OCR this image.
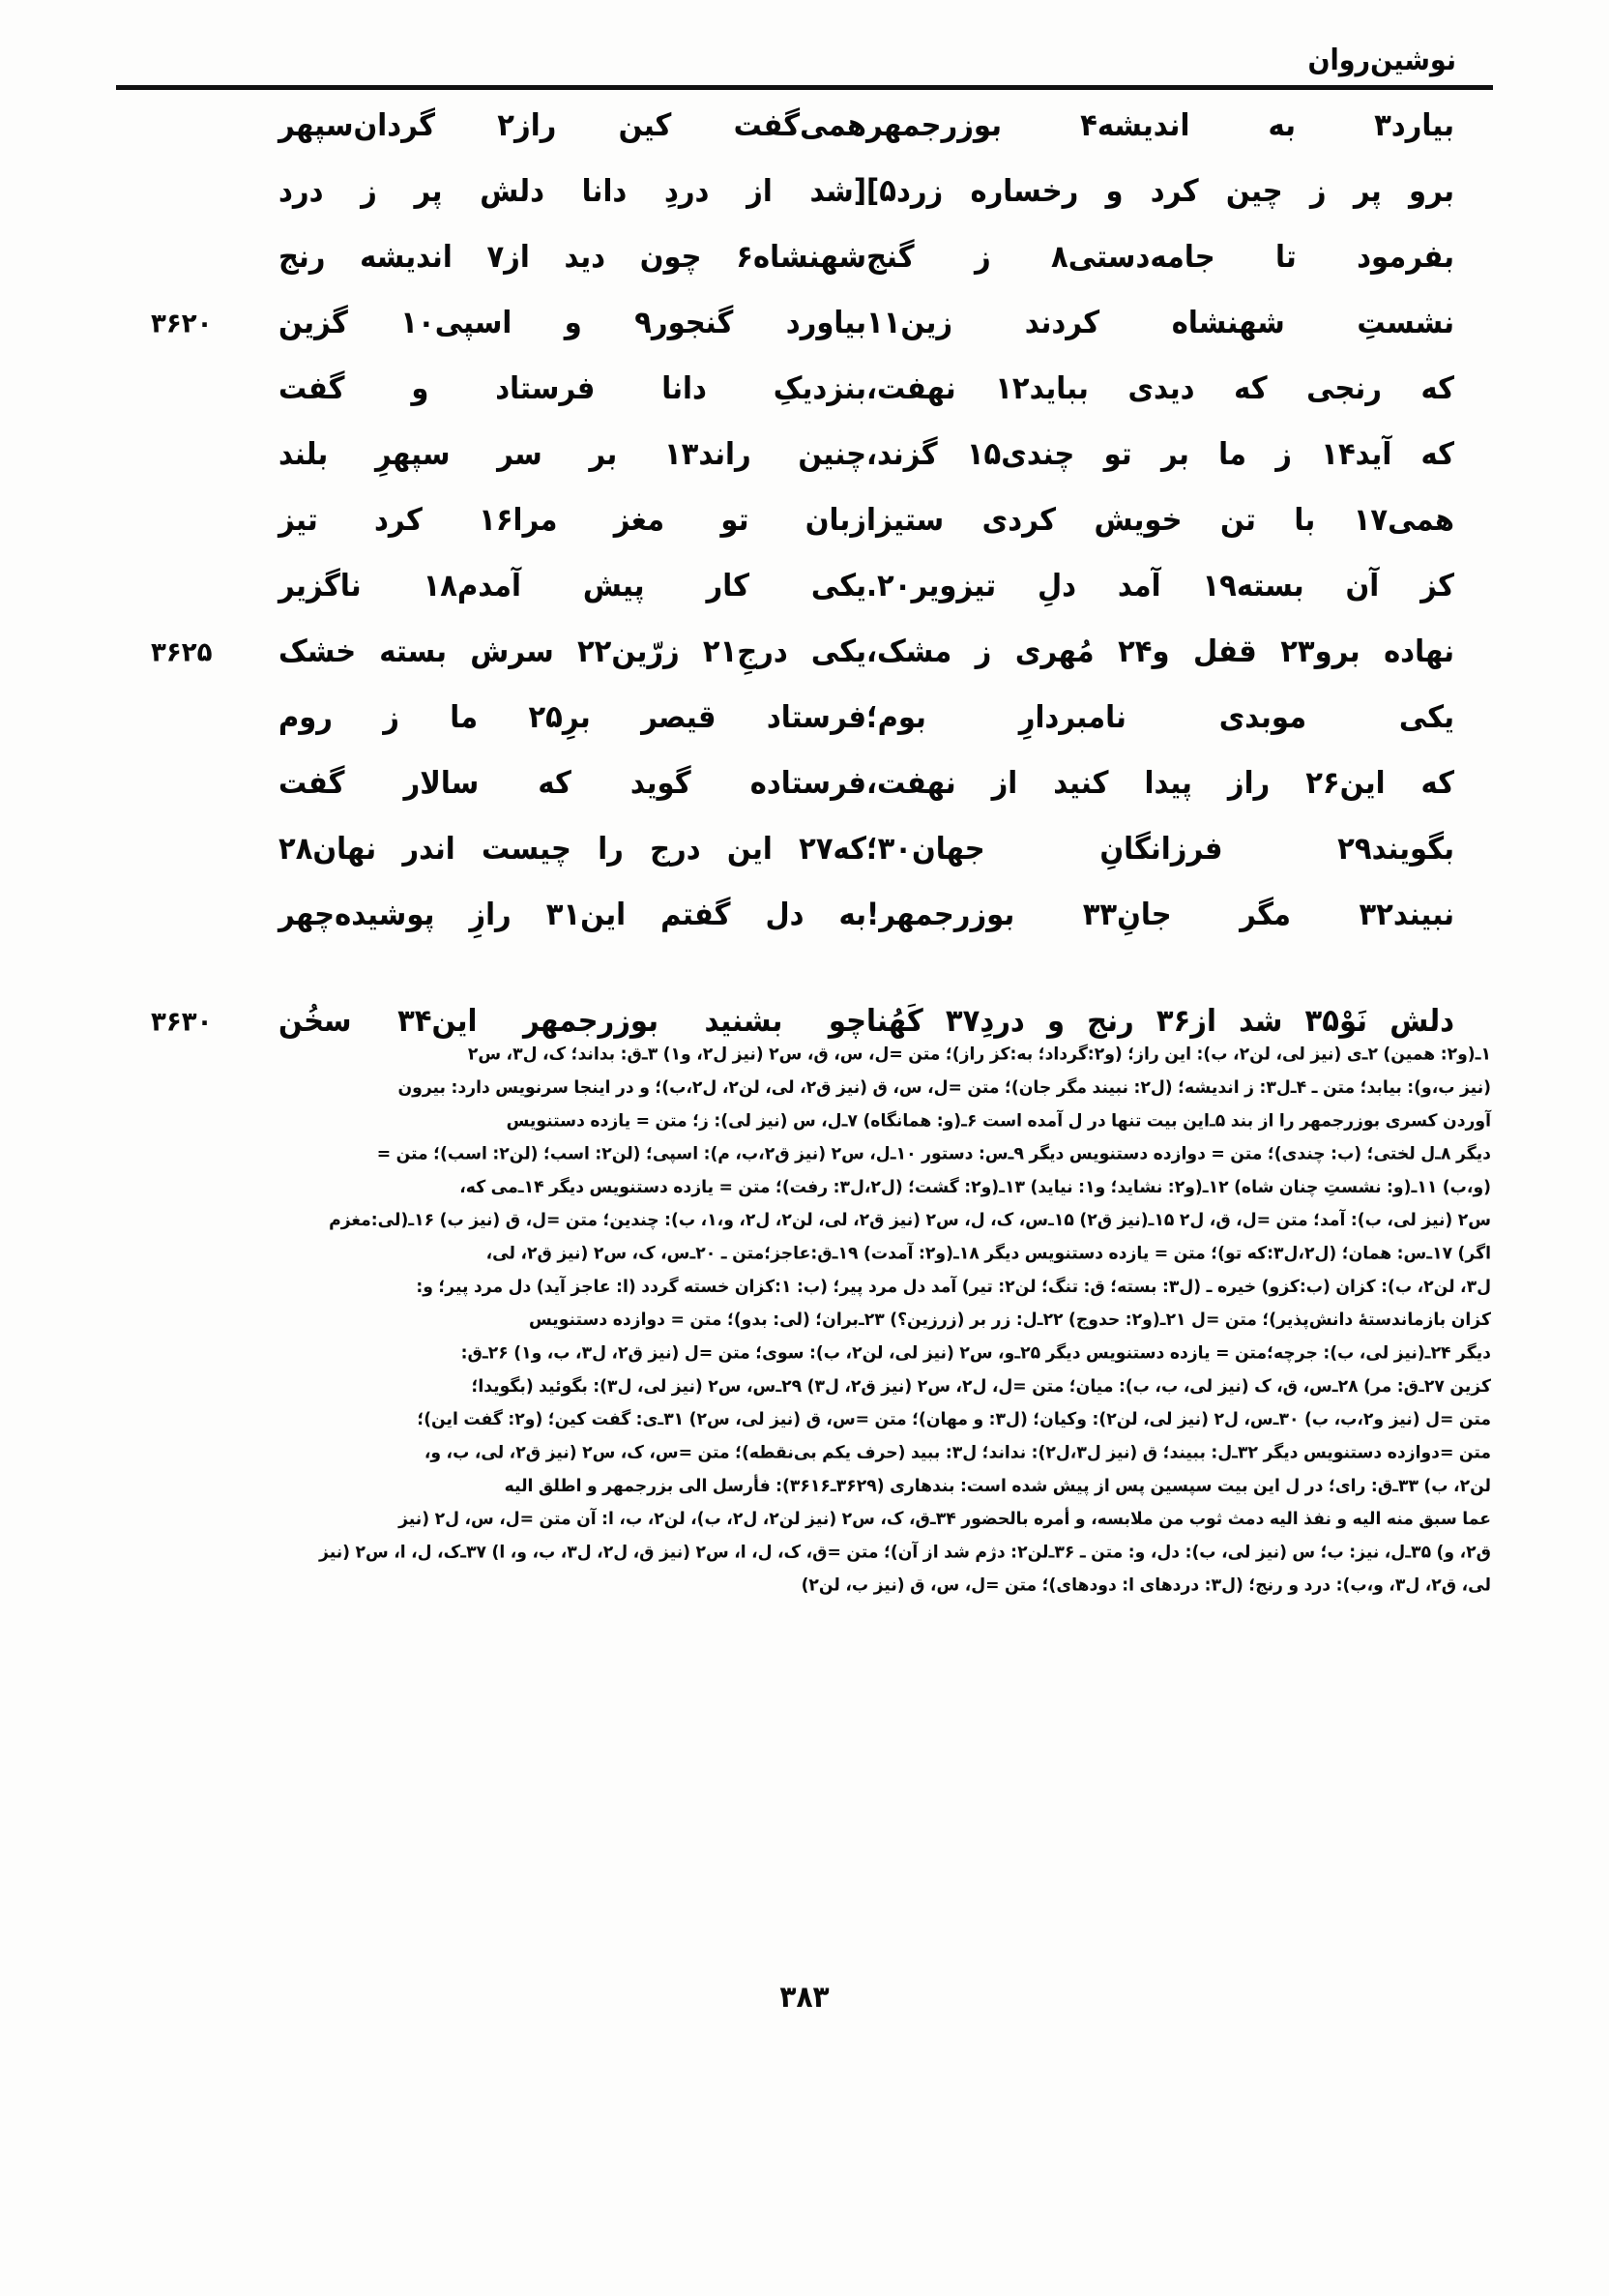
نوشین‌روان
بیارد۳ به اندیشه۴ بوزرجمهر
همی‌گفت کین راز۲ گردان‌سپهر
برو پر ز چین کرد و رخساره زرد۵]
[شد از دردِ دانا دلش پر ز درد
بفرمود تا جامه‌دستی۸ ز گنج
شهنشاه۶ چون دید از۷ اندیشه رنج
نشستِ شهنشاه کردند زین۱۱
بیاورد گنجور۹ و اسپی۱۰ گزین
۳۶۲۰
که رنجی که دیدی بباید۱۲ نهفت،
بنزدیکِ دانا فرستاد و گفت
که آید۱۴ ز ما بر تو چندی۱۵ گزند،
چنین راند۱۳ بر سر سپهرِ بلند
همی۱۷ با تن خویش کردی ستیزا
زبان تو مغز مرا۱۶ کرد تیز
کز آن بسته۱۹ آمد دلِ تیزویر۲۰.
یکی کار پیش آمدم۱۸ ناگزیر
نهاده برو۲۳ قفل و۲۴ مُهری ز مشک،
یکی درجِ۲۱ زرّین۲۲ سرش بسته خشک
۳۶۲۵
یکی موبدی نامبردارِ بوم؛
فرستاد قیصر برِ۲۵ ما ز روم
که این۲۶ راز پیدا کنید از نهفت،
فرستاده گوید که سالار گفت
بگویند۲۹ فرزانگانِ جهان۳۰؛
که۲۷ این درج را چیست اندر نهان۲۸
نبیند۳۲ مگر جانِ۳۳ بوزرجمهر!
به دل گفتم این۳۱ رازِ پوشیده‌چهر
دلش نَوْ۳۵ شد از۳۶ رنج و دردِ۳۷ کَهُنا
چو بشنید بوزرجمهر این۳۴ سخُن
۳۶۳۰
۱ـ(و۲: همین) ۲ـ‌ی (نیز لی، لن۲، ب): این راز؛ (و۲:گرداد؛ به:کز راز)؛ متن =ل، س، ق، س۲ (نیز ل۲، و۱) ۳ـ‌ق: بداند؛ ک، ل۳، س۲
(نیز ب،و): بیابد؛ متن ـ ۴ـ‌ل۳: ز اندیشه؛ (ل۲: نبیند مگر جان)؛ متن =ل، س، ق (نیز ق۲، لی، لن۲، ل۲،ب)؛ و در اینجا سرنویس دارد: بیرون
آوردن کسری بوزرجمهر را از بند ۵ـ‌این بیت تنها در ل آمده است ۶ـ(و: همانگاه) ۷ـ‌ل، س (نیز لی): ز؛ متن = یازده دستنویس
دیگر ۸ـ‌ل لختی؛ (ب: چندی)؛ متن = دوازده دستنویس دیگر ۹ـ‌س: دستور ۱۰ـ‌ل، س۲ (نیز ق۲،ب، م): اسپی؛ (لن۲: اسب؛ (لن۲: اسب)؛ متن =
(و،ب) ۱۱ـ‌(و: نشستِ چنان شاه) ۱۲ـ(و۲: نشاید؛ و۱: نیاید) ۱۳ـ(و۲: گشت؛ (ل۲،ل۳: رفت)؛ متن = یازده دستنویس دیگر ۱۴ـ‌می که،
س۲ (نیز لی، ب): آمد؛ متن =ل، ق، ل۲ ۱۵ـ(نیز ق۲) ۱۵ـ‌س، ک، ل، س۲ (نیز ق۲، لی، لن۲، ل۲، و،۱، ب): چندین؛ متن =ل، ق (نیز ب) ۱۶ـ(لی:مغزم
اگر) ۱۷ـ‌س: همان؛ (ل۲،ل۳:که تو)؛ متن = یازده دستنویس دیگر ۱۸ـ(و۲: آمدت) ۱۹ـ‌ق:عاجز؛متن ـ ۲۰ـ‌س، ک، س۲ (نیز ق۲، لی،
ل۳، لن۲، ب): کزان (ب:کزو) خیره ـ (ل۳: بسته؛ ق: تنگ؛ لن۲: تیر) آمد دل مرد پیر؛ (ب: ۱:کزان خسته گردد (ا: عاجز آید) دل مرد پیر؛ و:
کزان بازماندستهٔ دانش‌پذیر)؛ متن =ل ۲۱ـ(و۲: حدوج) ۲۲ـ‌ل: زر بر (زرزین؟) ۲۳ـ‌بران؛ (لی: بدو)؛ متن = دوازده دستنویس
دیگر ۲۴ـ(نیز لی، ب): جرچه؛متن = یازده دستنویس دیگر ۲۵ـ‌و، س۲ (نیز لی، لن۲، ب): سوی؛ متن =ل (نیز ق۲، ل۳، ب، و۱) ۲۶ـ‌ق:
کزین ۲۷ـ‌ق: مر) ۲۸ـ‌س، ق، ک (نیز لی، ب، ب): میان؛ متن =ل، ل۲، س۲ (نیز ق۲، ل۳) ۲۹ـ‌س، س۲ (نیز لی، ل۳): بگوئید (بگویدا؛
متن =ل (نیز و۲،ب، ب) ۳۰ـ‌س، ل۲ (نیز لی، لن۲): وکیان؛ (ل۳: و مهان)؛ متن =س، ق (نیز لی، س۲) ۳۱ـ‌ی: گفت کین؛ (و۲: گفت این)؛
متن =دوازده دستنویس دیگر ۳۲ـ‌ل: ببیند؛ ق (نیز ل۳،ل۲): نداند؛ ل۳: ببید (حرف یکم بی‌نقطه)؛ متن =س، ک، س۲ (نیز ق۲، لی، ب، و،
لن۲، ب) ۳۳ـ‌ق: رای؛ در ل این بیت سپسین پس از پیش شده است: بندهاری (۳۶۲۹ـ۳۶۱۶): فأرسل الی بزرجمهر و اطلق الیه
عما سبق منه الیه و نفذ الیه دمث ثوب من ملابسه، و أمره بالحضور ۳۴ـ‌ق، ک، س۲ (نیز لن۲، ل۲، ب)، لن۲، ب، ا: آن متن =ل، س، ل۲ (نیز
ق۲، و) ۳۵ـ‌ل، نیز: ب؛ س (نیز لی، ب): دل، و: متن ـ ۳۶ـ‌لن۲: دژم شد از آن)؛ متن =ق، ک، ل، ا، س۲ (نیز ق، ل۲، ل۳، ب، و، ا) ۳۷ـ‌ک، ل، ا، س۲ (نیز
لی، ق۲، ل۳، و،ب): درد و رنج؛ (ل۳: دردهای ا: دودهای)؛ متن =ل، س، ق (نیز ب، لن۲)
۳۸۳
